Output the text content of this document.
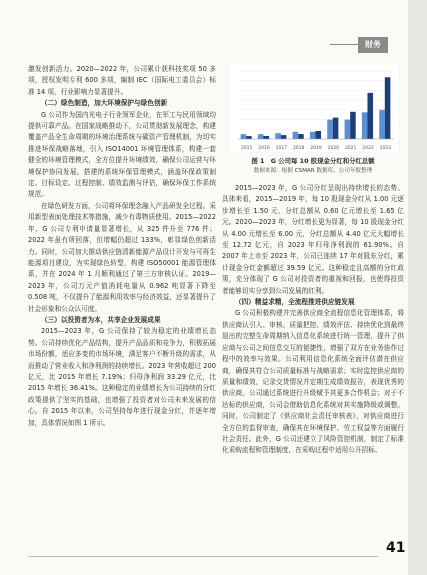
财务

激发创新活力。2020—2022 年，公司累计获科技奖项 50 多项，授权发明专利 600 多项，编制 IEC（国际电工委员会）标准 14 项，行业影响力显著提升。

（二）绿色制造，加大环境保护与绿色创新

G 公司作为国内光电子行业领军企业，在军工与民用领域均提供可靠产品。在国家战略推动下，公司贯彻新发展理念，构建覆盖产品全生命周期的环境治理系统与碳资产管理机制，为切实推进环保战略落地，引入 ISO14001 环境管理体系，构建一套健全的环境管理模式，全方位提升环境绩效，确保公司运营与环境保护协同发展。搭建的系统环保管理模式，涵盖环保政策制定、目标设定、过程控制、绩效监测与评估，确保环保工作系统规范。

在绿色研发方面，公司将环保理念融入产品研发全过程。采用新型表面处理技术等措施，减少有毒物质使用。2015—2022 年，G 公司专利申请量显著增长，从 325 件升至 776 件；2022 年虽有所回落，但增幅仍超过 133%，彰显绿色创新活力。同时，公司加大推动供应链清新能源产品设计开发与可再生能源项目建设，为实现绿色转型，构建 ISO50001 能源管理体系，并在 2024 年 1 月顺利通过了第三方审核认证。2019—2023 年，公司万元产值消耗电量从 0.962 吨显著下降至 0.508 吨，不仅提升了能源利用效率与经济效益，还显著提升了社会形象和公众认可度。

（三）以投资者为本，共享企业发展成果

2015—2023 年，G 公司保持了较为稳定的业绩增长态势。公司持续优化产品结构，提升产品品质和竞争力，积极拓展市场份额，适应多变的市场环境，满足客户不断升级的需求，从而推动了营业收入和净利润的持续增长。2023 年营收超过 200 亿元，比 2015 年增长 7.19%；归母净利润 33.29 亿元，比 2015 年增长 36.41%。这种稳定的业绩增长为公司持续的分红政策提供了坚实的基础，也增强了投资者对公司未来发展的信心。自 2015 年以来，公司坚持每年进行现金分红，并逐年增加，具体情况如图 1 所示。

2015 2016 2017 2018 2019 2020 2021 2022 2023
图 1　G 公司每 10 股现金分红和分红总额
数据来源：根据 CSMAR 数据库、公司年报整理

2015—2023 年，G 公司分红呈现出持续增长的态势。具体来看，2015—2019 年，每 10 股现金分红从 1.00 元逐步增长至 1.50 元，分红总额从 0.60 亿元增长至 1.65 亿元。2020—2023 年，分红增长更为显著，每 10 股现金分红从 4.00 元增长至 6.00 元，分红总额从 4.40 亿元大幅增长至 12.72 亿元，自 2023 年归母净利润的 61.90%。自 2007 年上市至 2023 年，公司已连续 17 年对股东分红，累计现金分红金额超过 39.59 亿元。这种稳定且高额的分红政策，充分体现了 G 公司对投资者的重视和回报，也使得投资者能够切实分享到公司发展的红利。

（四）精益求精，全流程推进供应链发展

G 公司积极构建并完善供应商全流程信息化管理体系，将供应商认引入、审核、质量把控、绩效评估、持续优化到最终退出的完整生命周期纳入信息化系统进行统一管理，提升了供应商与公司之间信息交互的便捷性，增强了双方在业务协作过程中的效率与效果。公司利用信息化系统全面评估潜在供应商，确保其符合公司质量标准与战略需求；实时监控供应商的质量和绩效，记录交货情况并定期生成绩效报告，表现优秀的供应商，公司通过系统进行升级赋予其更多合作机会；对于不达标的供应商，公司会借助信息化系统对其实施降级或调整。同时，公司制定了《供应商社会责任审核表》，对供应商进行全方位的监督审查，确保其在环境保护、劳工权益等方面履行社会责任。此外，G 公司还建立了风险管控机制，制定了标准化采购流程和管理制度，在采购过程中适用公开招标、

41
